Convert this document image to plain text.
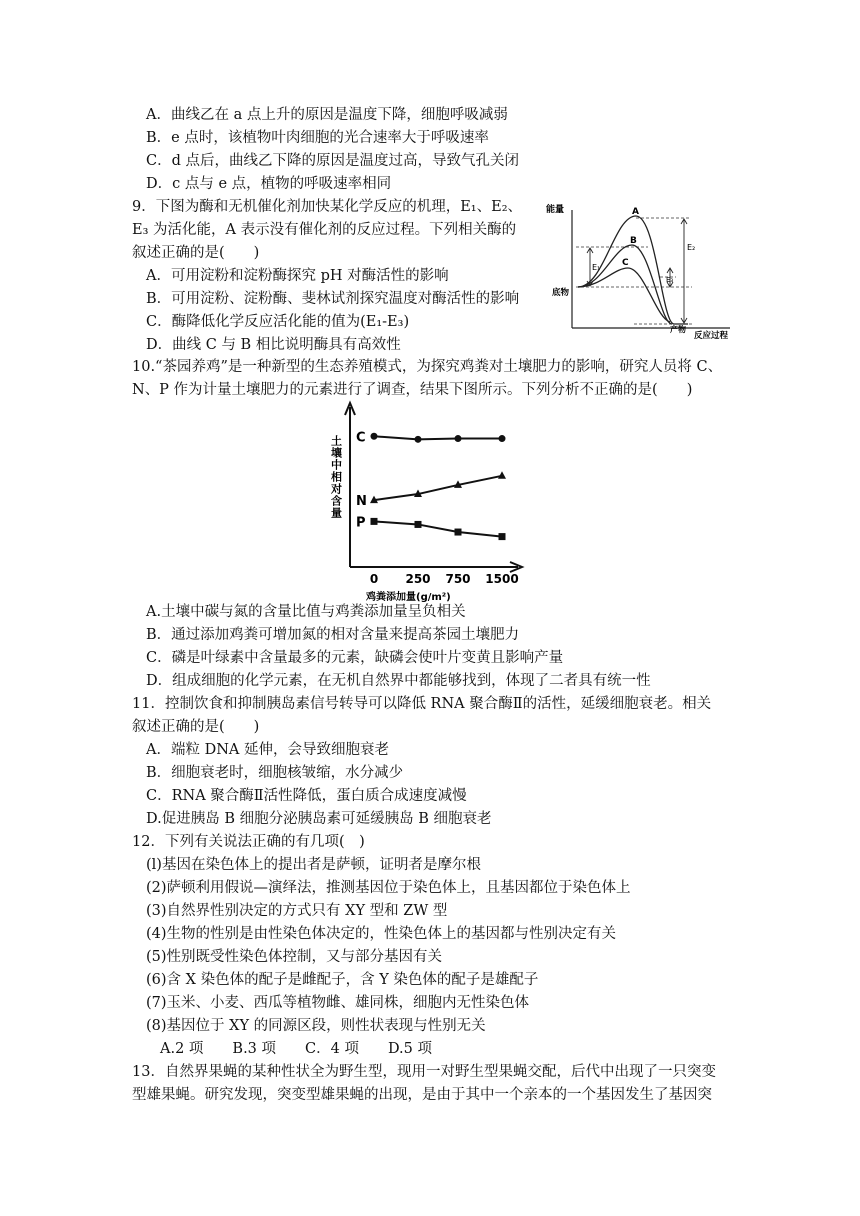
A．曲线乙在 a 点上升的原因是温度下降，细胞呼吸减弱
B．e 点时，该植物叶肉细胞的光合速率大于呼吸速率
C．d 点后，曲线乙下降的原因是温度过高，导致气孔关闭
D．c 点与 e 点，植物的呼吸速率相同
9．下图为酶和无机催化剂加快某化学反应的机理，E₁、E₂、
E₃ 为活化能，A 表示没有催化剂的反应过程。下列相关酶的
叙述正确的是(　　)
A．可用淀粉和淀粉酶探究 pH 对酶活性的影响
B．可用淀粉、淀粉酶、斐林试剂探究温度对酶活性的影响
C．酶降低化学反应活化能的值为(E₁-E₃)
D．曲线 C 与 B 相比说明酶具有高效性
能量
反应过程
A
B
C
E₁
E₂
E₃
底物
产物
10.“茶园养鸡”是一种新型的生态养殖模式，为探究鸡粪对土壤肥力的影响，研究人员将 C、
N、P 作为计量土壤肥力的元素进行了调查，结果下图所示。下列分析不正确的是(　　)
土壤中相对含量 C
N
P
0 250 750 1500
鸡粪添加量(g/m²)
A.土壤中碳与氮的含量比值与鸡粪添加量呈负相关
B．通过添加鸡粪可增加氮的相对含量来提高茶园土壤肥力
C．磷是叶绿素中含量最多的元素，缺磷会使叶片变黄且影响产量
D．组成细胞的化学元素，在无机自然界中都能够找到，体现了二者具有统一性
11．控制饮食和抑制胰岛素信号转导可以降低 RNA 聚合酶Ⅱ的活性，延缓细胞衰老。相关
叙述正确的是(　　)
A．端粒 DNA 延伸，会导致细胞衰老
B．细胞衰老时，细胞核皱缩，水分减少
C．RNA 聚合酶Ⅱ活性降低，蛋白质合成速度减慢
D.促进胰岛 B 细胞分泌胰岛素可延缓胰岛 B 细胞衰老
12．下列有关说法正确的有几项(　)
(l)基因在染色体上的提出者是萨顿，证明者是摩尔根
(2)萨顿利用假说—演绎法，推测基因位于染色体上，且基因都位于染色体上
(3)自然界性别决定的方式只有 XY 型和 ZW 型
(4)生物的性别是由性染色体决定的，性染色体上的基因都与性别决定有关
(5)性别既受性染色体控制，又与部分基因有关
(6)含 X 染色体的配子是雌配子，含 Y 染色体的配子是雄配子
(7)玉米、小麦、西瓜等植物雌、雄同株，细胞内无性染色体
(8)基因位于 XY 的同源区段，则性状表现与性别无关
A.2 项　　B.3 项　　C．4 项　　D.5 项
13．自然界果蝇的某种性状全为野生型，现用一对野生型果蝇交配，后代中出现了一只突变
型雄果蝇。研究发现，突变型雄果蝇的出现，是由于其中一个亲本的一个基因发生了基因突
